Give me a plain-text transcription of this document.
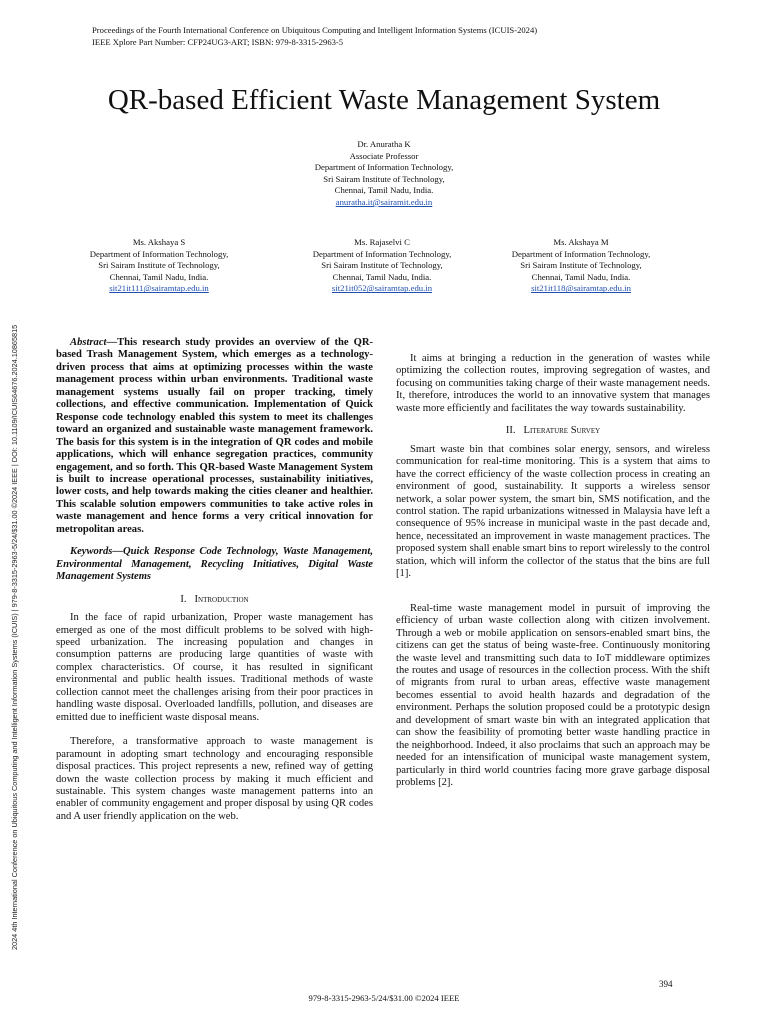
Proceedings of the Fourth International Conference on Ubiquitous Computing and Intelligent Information Systems (ICUIS-2024)
IEEE Xplore Part Number: CFP24UG3-ART; ISBN: 979-8-3315-2963-5
QR-based Efficient Waste Management System
Dr. Anuratha K
Associate Professor
Department of Information Technology,
Sri Sairam Institute of Technology,
Chennai, Tamil Nadu, India.
anuratha.it@sairamit.edu.in
Ms. Akshaya S
Department of Information Technology,
Sri Sairam Institute of Technology,
Chennai, Tamil Nadu, India.
sit21it111@sairamtap.edu.in
Ms. Rajaselvi C
Department of Information Technology,
Sri Sairam Institute of Technology,
Chennai, Tamil Nadu, India.
sit21it052@sairamtap.edu.in
Ms. Akshaya M
Department of Information Technology,
Sri Sairam Institute of Technology,
Chennai, Tamil Nadu, India.
sit21it118@sairamtap.edu.in
2024 4th International Conference on Ubiquitous Computing and Intelligent Information Systems (ICUIS) | 979-8-3315-2963-5/24/$31.00 ©2024 IEEE | DOI: 10.1109/ICUIS64676.2024.10865815	Abstract—This research study provides an overview of the QR-based Trash Management System, which emerges as a technology- driven process that aims at optimizing processes within the waste management process within urban environments. Traditional waste management systems usually fail on proper tracking, timely collections, and effective communication. Implementation of Quick Response code technology enabled this system to meet its challenges toward an organized and sustainable waste management framework. The basis for this system is in the integration of QR codes and mobile applications, which will enhance segregation practices, community engagement, and so forth. This QR-based Waste Management System is built to increase operational processes, sustainability initiatives, lower costs, and help towards making the cities cleaner and healthier. This scalable solution empowers communities to take active roles in waste management and hence forms a very critical innovation for metropolitan areas.

Keywords—Quick Response Code Technology, Waste Management, Environmental Management, Recycling Initiatives, Digital Waste Management Systems

I. Introduction

In the face of rapid urbanization, Proper waste management has emerged as one of the most difficult problems to be solved with high-speed urbanization. The increasing population and changes in consumption patterns are producing large quantities of waste with complex characteristics. Of course, it has resulted in significant environmental and public health issues. Traditional methods of waste collection cannot meet the challenges arising from their poor practices in handling waste disposal. Overloaded landfills, pollution, and diseases are emitted due to inefficient waste disposal means.

Therefore, a transformative approach to waste management is paramount in adopting smart technology and encouraging responsible disposal practices. This project represents a new, refined way of getting down the waste collection process by making it much efficient and sustainable. This system changes waste management patterns into an enabler of community engagement and proper disposal by using QR codes and A user friendly application on the web.

It aims at bringing a reduction in the generation of wastes while optimizing the collection routes, improving segregation of wastes, and focusing on communities taking charge of their waste management needs. It, therefore, introduces the world to an innovative system that manages waste more efficiently and facilitates the way towards sustainability.

II. Literature Survey

Smart waste bin that combines solar energy, sensors, and wireless communication for real-time monitoring. This is a system that aims to have the correct efficiency of the waste collection process in creating an environment of good, sustainability. It supports a wireless sensor network, a solar power system, the smart bin, SMS notification, and the control station. The rapid urbanizations witnessed in Malaysia have left a consequence of 95% increase in municipal waste in the past decade and, hence, necessitated an improvement in waste management practices. The proposed system shall enable smart bins to report wirelessly to the control station, which will inform the collector of the status that the bins are full [1].

Real-time waste management model in pursuit of improving the efficiency of urban waste collection along with citizen involvement. Through a web or mobile application on sensors-enabled smart bins, the citizens can get the status of being waste-free. Continuously monitoring the waste level and transmitting such data to IoT middleware optimizes the routes and usage of resources in the collection process. With the shift of migrants from rural to urban areas, effective waste management becomes essential to avoid health hazards and degradation of the environment. Perhaps the solution proposed could be a prototypic design and development of smart waste bin with an integrated application that can show the feasibility of promoting better waste handling practice in the neighborhood. Indeed, it also proclaims that such an approach may be needed for an intensification of municipal waste management system, particularly in third world countries facing more grave garbage disposal problems [2].

394
979-8-3315-2963-5/24/$31.00 ©2024 IEEE
